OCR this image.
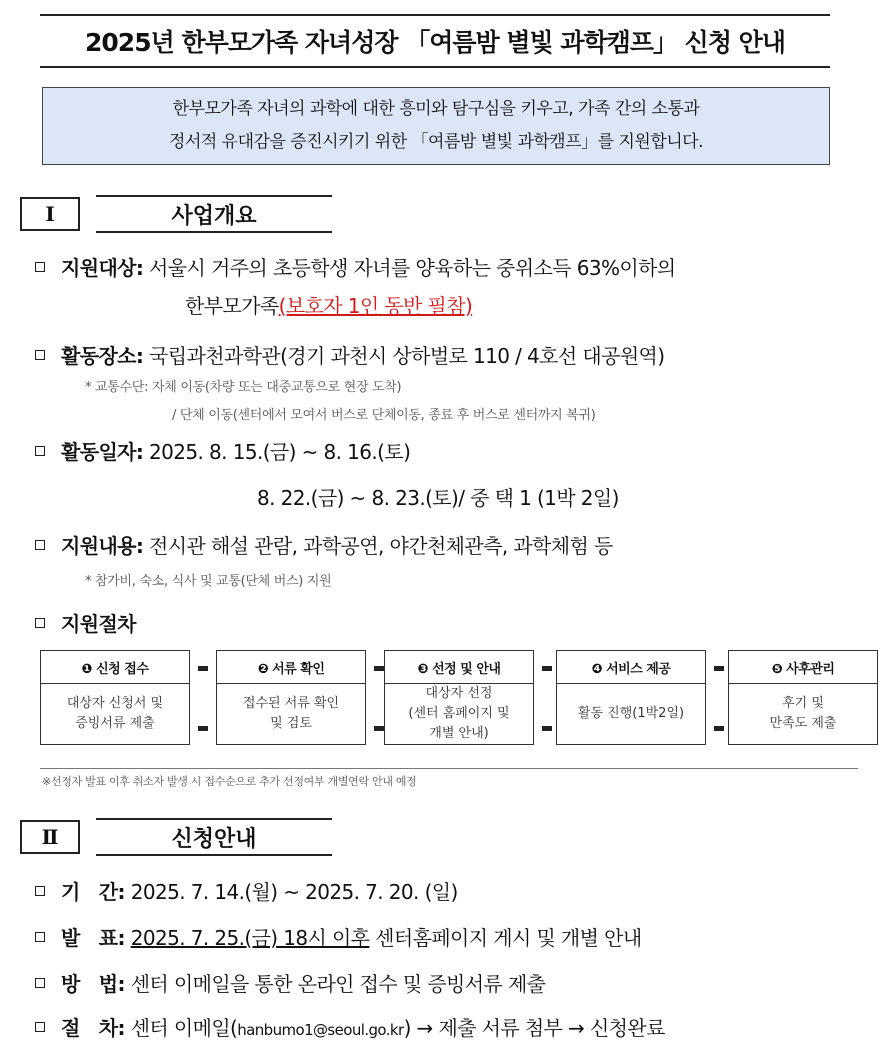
2025년 한부모가족 자녀성장 「여름밤 별빛 과학캠프」 신청 안내
한부모가족 자녀의 과학에 대한 흥미와 탐구심을 키우고, 가족 간의 소통과
정서적 유대감을 증진시키기 위한 「여름밤 별빛 과학캠프」를 지원합니다.
Ⅰ	사업개요
지원대상: 서울시 거주의 초등학생 자녀를 양육하는 중위소득 63%이하의
한부모가족(보호자 1인 동반 필참)
활동장소: 국립과천과학관(경기 과천시 상하벌로 110 / 4호선 대공원역)
* 교통수단: 자체 이동(차량 또는 대중교통으로 현장 도착)
/ 단체 이동(센터에서 모여서 버스로 단체이동, 종료 후 버스로 센터까지 복귀)
활동일자: 2025. 8. 15.(금) ~ 8. 16.(토)
8. 22.(금) ~ 8. 23.(토)/ 중 택 1 (1박 2일)
지원내용: 전시관 해설 관람, 과학공연, 야간천체관측, 과학체험 등
* 참가비, 숙소, 식사 및 교통(단체 버스) 지원
지원절차
❶ 신청 접수
대상자 신청서 및
증빙서류 제출
❷ 서류 확인
접수된 서류 확인
및 검토
❸ 선정 및 안내
대상자 선정
(센터 홈페이지 및
개별 안내)
❹ 서비스 제공
활동 진행(1박2일)
❺ 사후관리
후기 및
만족도 제출
※선정자 발표 이후 취소자 발생 시 접수순으로 추가 선정여부 개별연락 안내 예정
Ⅱ	신청안내
기   간: 2025. 7. 14.(월) ~ 2025. 7. 20. (일)
발   표: 2025. 7. 25.(금) 18시 이후 센터홈페이지 게시 및 개별 안내
방   법: 센터 이메일을 통한 온라인 접수 및 증빙서류 제출
절   차: 센터 이메일(hanbumo1@seoul.go.kr) → 제출 서류 첨부 → 신청완료
